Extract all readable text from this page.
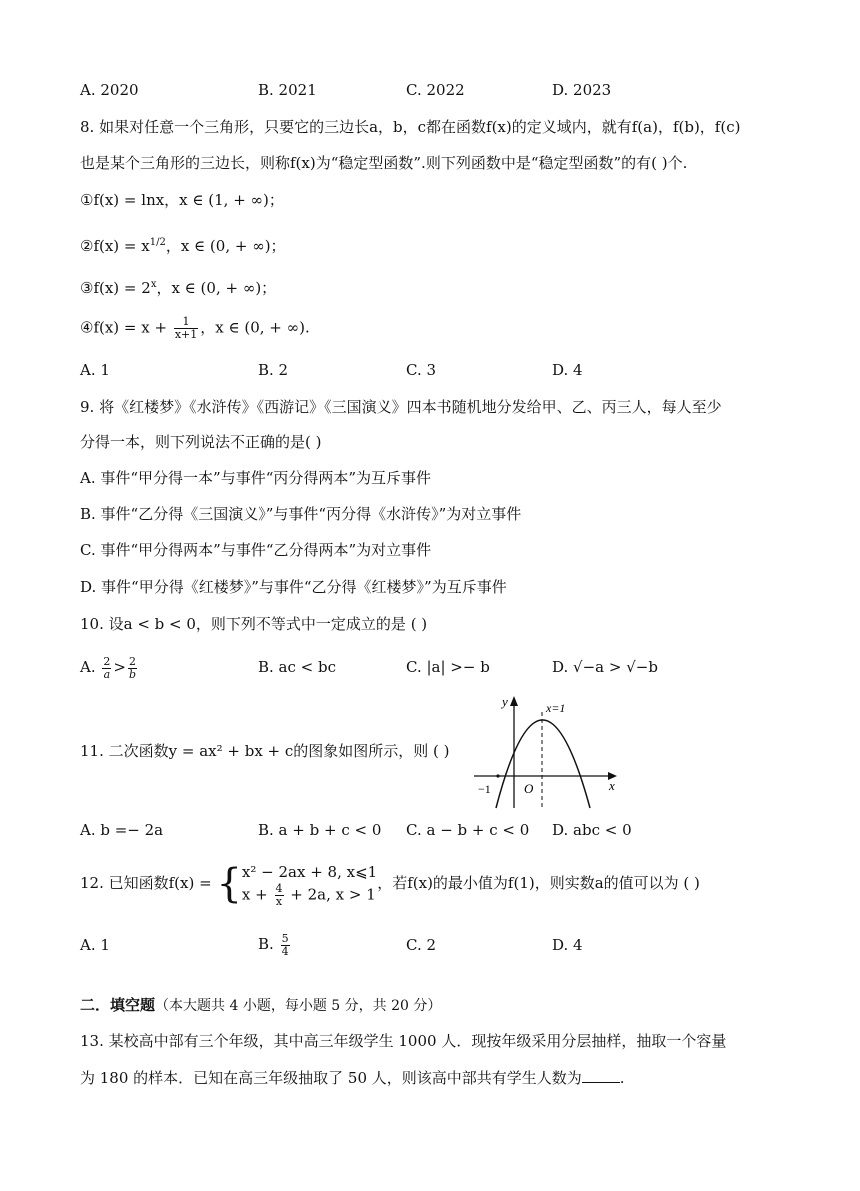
A. 2020	B. 2021	C. 2022	D. 2023
8. 如果对任意一个三角形，只要它的三边长a，b，c都在函数f(x)的定义域内，就有f(a)，f(b)，f(c)
也是某个三角形的三边长，则称f(x)为“稳定型函数”.则下列函数中是“稳定型函数”的有( )个.
①f(x) = lnx，x ∈ (1, + ∞)；
②f(x) = $x^{1/2}$，x ∈ (0, + ∞)；
③f(x) = $2^x$，x ∈ (0, + ∞)；
④f(x) = $x + \frac{1}{x+1}$ ，x ∈ (0, + ∞).
A. 1	B. 2	C. 3	D. 4
9. 将《红楼梦》《水浒传》《西游记》《三国演义》四本书随机地分发给甲、乙、丙三人，每人至少
分得一本，则下列说法不正确的是( )
A. 事件“甲分得一本”与事件“丙分得两本”为互斥事件
B. 事件“乙分得《三国演义》”与事件“丙分得《水浒传》”为对立事件
C. 事件“甲分得两本”与事件“乙分得两本”为对立事件
D. 事件“甲分得《红楼梦》”与事件“乙分得《红楼梦》”为互斥事件
10. 设a < b < 0，则下列不等式中一定成立的是 ( )
A. $\frac{2}{a} > \frac{2}{b}$	B. ac < bc	C. |a| >− b	D. √−a > √−b
11. 二次函数y = ax² + bx + c的图象如图所示，则 ( )
y
x
O
−1
x=1
A. b =− 2a	B. a + b + c < 0 C. a − b + c < 0 D. abc < 0
12. 已知函数f(x) = { x² − 2ax + 8, x⩽1
$x + \frac{4}{x} + 2a$, x > 1
，若f(x)的最小值为f(1)，则实数a的值可以为 ( )
A. 1	B. $\frac{5}{4}$	C. 2	D. 4
二．填空题（本大题共 4 小题，每小题 5 分，共 20 分）
13. 某校高中部有三个年级，其中高三年级学生 1000 人．现按年级采用分层抽样，抽取一个容量
为 180 的样本．已知在高三年级抽取了 50 人，则该高中部共有学生人数为	.
